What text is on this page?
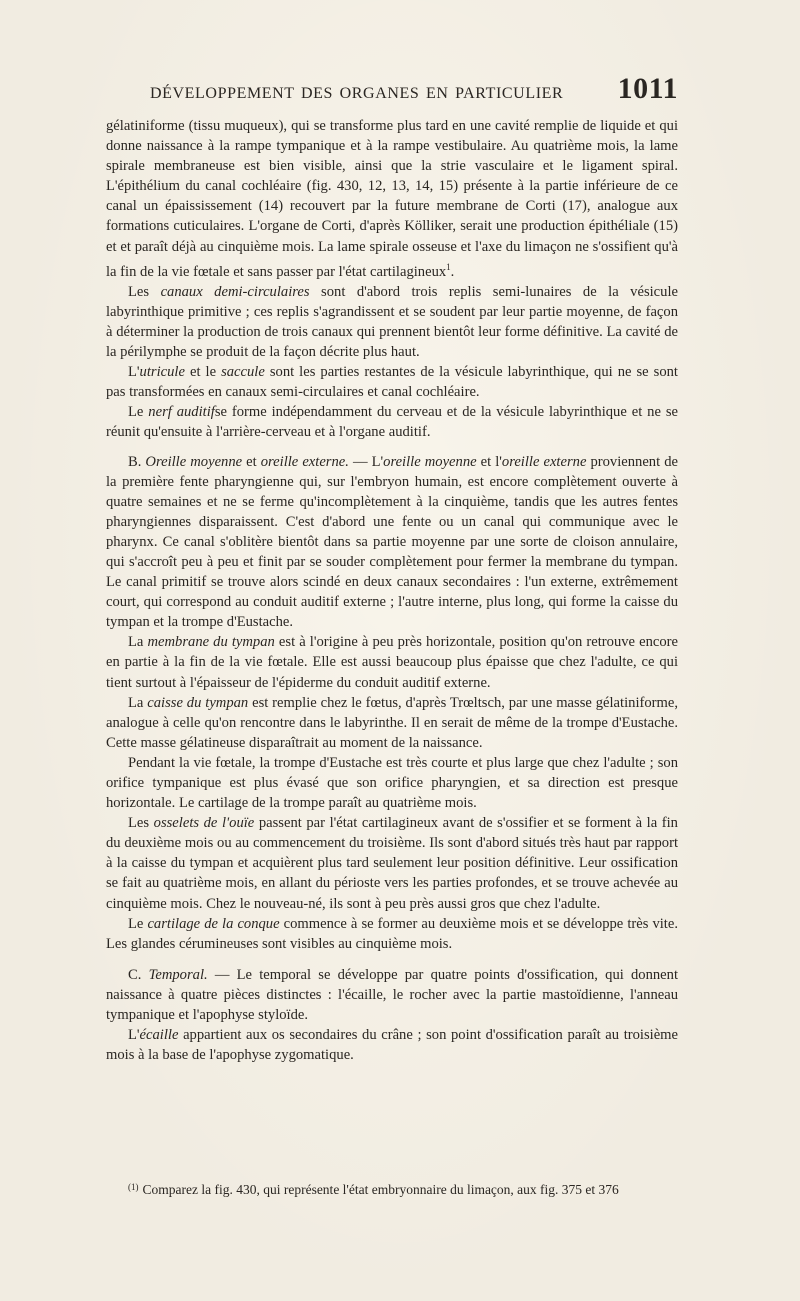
DÉVELOPPEMENT DES ORGANES EN PARTICULIER 1011

gélatiniforme (tissu muqueux), qui se transforme plus tard en une cavité remplie de liquide et qui donne naissance à la rampe tympanique et à la rampe vestibulaire. Au quatrième mois, la lame spirale membraneuse est bien visible, ainsi que la strie vasculaire et le ligament spiral. L'épithélium du canal cochléaire (fig. 430, 12, 13, 14, 15) présente à la partie inférieure de ce canal un épaississement (14) recouvert par la future membrane de Corti (17), analogue aux formations cuticulaires. L'organe de Corti, d'après Kölliker, serait une production épithéliale (15) et et paraît déjà au cinquième mois. La lame spirale osseuse et l'axe du limaçon ne s'ossifient qu'à la fin de la vie fœtale et sans passer par l'état cartilagineux$^1$.

Les canaux demi-circulaires sont d'abord trois replis semi-lunaires de la vésicule labyrinthique primitive ; ces replis s'agrandissent et se soudent par leur partie moyenne, de façon à déterminer la production de trois canaux qui prennent bientôt leur forme définitive. La cavité de la périlymphe se produit de la façon décrite plus haut.

L'utricule et le saccule sont les parties restantes de la vésicule labyrinthique, qui ne se sont pas transformées en canaux semi-circulaires et canal cochléaire.

Le nerf auditifse forme indépendamment du cerveau et de la vésicule labyrinthique et ne se réunit qu'ensuite à l'arrière-cerveau et à l'organe auditif.

B. Oreille moyenne et oreille externe. — L'oreille moyenne et l'oreille externe proviennent de la première fente pharyngienne qui, sur l'embryon humain, est encore complètement ouverte à quatre semaines et ne se ferme qu'incomplètement à la cinquième, tandis que les autres fentes pharyngiennes disparaissent. C'est d'abord une fente ou un canal qui communique avec le pharynx. Ce canal s'oblitère bientôt dans sa partie moyenne par une sorte de cloison annulaire, qui s'accroît peu à peu et finit par se souder complètement pour fermer la membrane du tympan. Le canal primitif se trouve alors scindé en deux canaux secondaires : l'un externe, extrêmement court, qui correspond au conduit auditif externe ; l'autre interne, plus long, qui forme la caisse du tympan et la trompe d'Eustache.

La membrane du tympan est à l'origine à peu près horizontale, position qu'on retrouve encore en partie à la fin de la vie fœtale. Elle est aussi beaucoup plus épaisse que chez l'adulte, ce qui tient surtout à l'épaisseur de l'épiderme du conduit auditif externe.

La caisse du tympan est remplie chez le fœtus, d'après Trœltsch, par une masse gélatiniforme, analogue à celle qu'on rencontre dans le labyrinthe. Il en serait de même de la trompe d'Eustache. Cette masse gélatineuse disparaîtrait au moment de la naissance.

Pendant la vie fœtale, la trompe d'Eustache est très courte et plus large que chez l'adulte ; son orifice tympanique est plus évasé que son orifice pharyngien, et sa direction est presque horizontale. Le cartilage de la trompe paraît au quatrième mois.

Les osselets de l'ouïe passent par l'état cartilagineux avant de s'ossifier et se forment à la fin du deuxième mois ou au commencement du troisième. Ils sont d'abord situés très haut par rapport à la caisse du tympan et acquièrent plus tard seulement leur position définitive. Leur ossification se fait au quatrième mois, en allant du périoste vers les parties profondes, et se trouve achevée au cinquième mois. Chez le nouveau-né, ils sont à peu près aussi gros que chez l'adulte.

Le cartilage de la conque commence à se former au deuxième mois et se développe très vite. Les glandes cérumineuses sont visibles au cinquième mois.

C. Temporal. — Le temporal se développe par quatre points d'ossification, qui donnent naissance à quatre pièces distinctes : l'écaille, le rocher avec la partie mastoïdienne, l'anneau tympanique et l'apophyse styloïde.

L'écaille appartient aux os secondaires du crâne ; son point d'ossification paraît au troisième mois à la base de l'apophyse zygomatique.

$^{(1)}$ Comparez la fig. 430, qui représente l'état embryonnaire du limaçon, aux fig. 375 et 376
